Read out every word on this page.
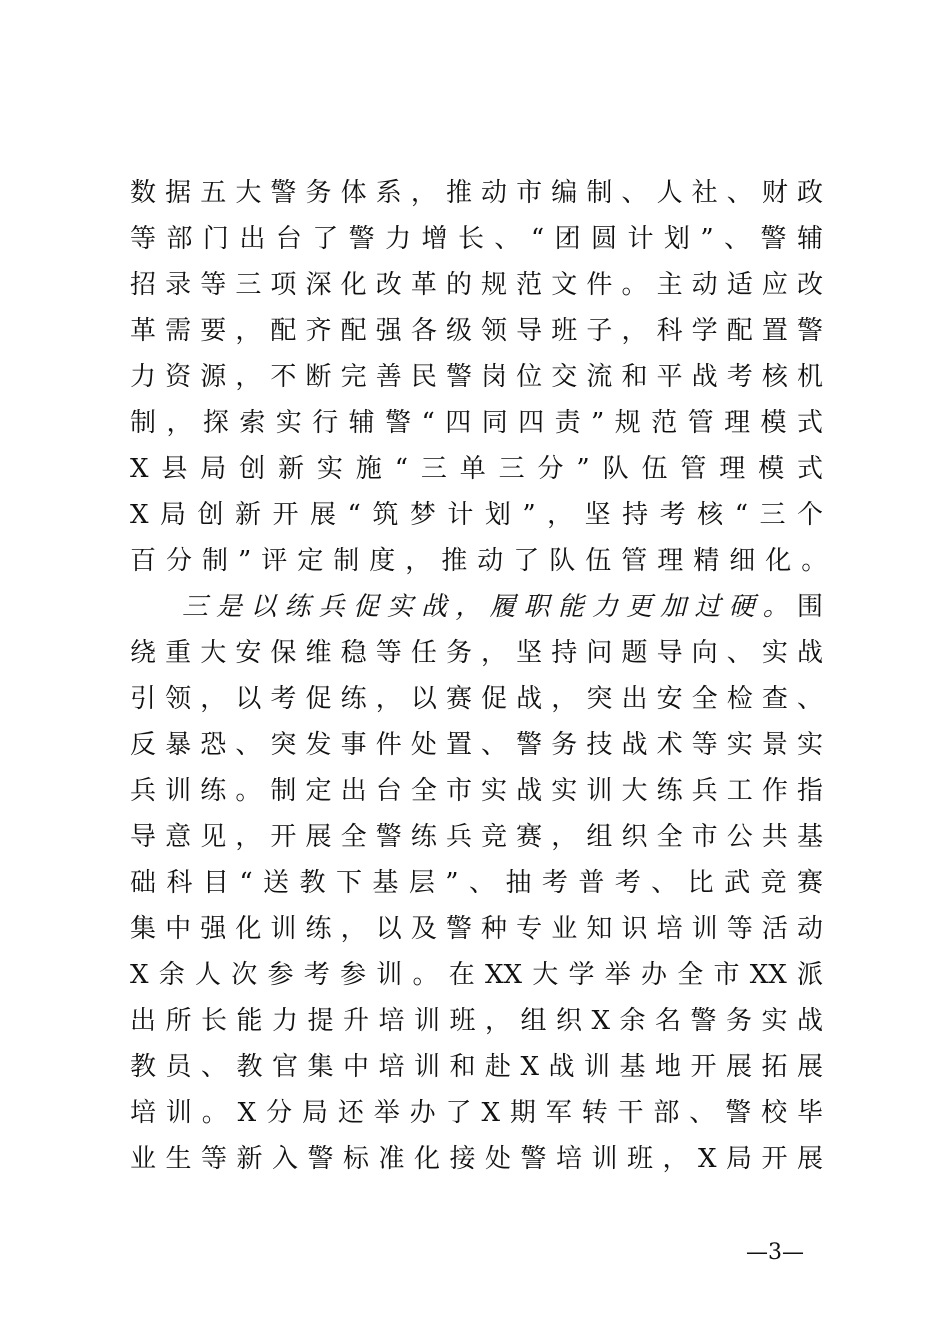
数据五大警务体系，推动市编制、人社、财政
等部门出台了警力增长、“团圆计划”、警辅
招录等三项深化改革的规范文件。主动适应改
革需要，配齐配强各级领导班子，科学配置警
力资源，不断完善民警岗位交流和平战考核机
制，探索实行辅警“四同四责”规范管理模式
X县局创新实施“三单三分”队伍管理模式
X局创新开展“筑梦计划”，坚持考核“三个
百分制”评定制度，推动了队伍管理精细化。
三是以练兵促实战，履职能力更加过硬。围
绕重大安保维稳等任务，坚持问题导向、实战
引领，以考促练，以赛促战，突出安全检查、
反暴恐、突发事件处置、警务技战术等实景实
兵训练。制定出台全市实战实训大练兵工作指
导意见，开展全警练兵竞赛，组织全市公共基
础科目“送教下基层”、抽考普考、比武竞赛
集中强化训练，以及警种专业知识培训等活动
X余人次参考参训。在XX大学举办全市XX派
出所长能力提升培训班，组织X余名警务实战
教员、教官集中培训和赴X战训基地开展拓展
培训。X分局还举办了X期军转干部、警校毕
业生等新入警标准化接处警培训班，X局开展
—3—
